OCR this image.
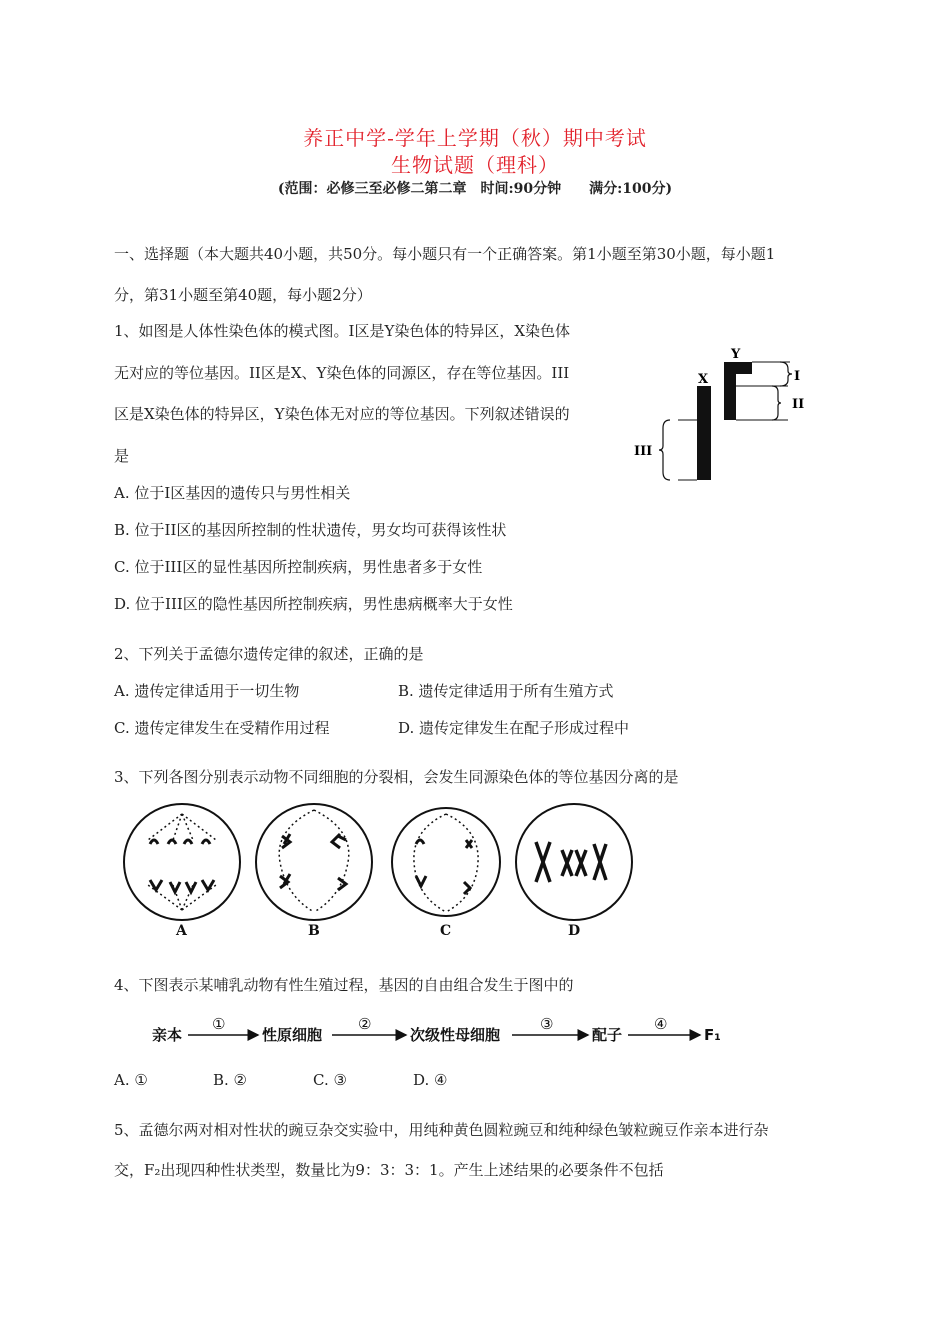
养正中学-学年上学期（秋）期中考试
生物试题（理科）
(范围：必修三至必修二第二章　时间:90分钟　　满分:100分)
一、选择题（本大题共40小题，共50分。每小题只有一个正确答案。第1小题至第30小题，每小题1
分，第31小题至第40题，每小题2分）
1、如图是人体性染色体的模式图。I区是Y染色体的特异区，X染色体
无对应的等位基因。II区是X、Y染色体的同源区，存在等位基因。III
区是X染色体的特异区，Y染色体无对应的等位基因。下列叙述错误的
是
A. 位于I区基因的遗传只与男性相关
B. 位于II区的基因所控制的性状遗传，男女均可获得该性状
C. 位于III区的显性基因所控制疾病，男性患者多于女性
D. 位于III区的隐性基因所控制疾病，男性患病概率大于女性
X
Y
I
II
III
2、下列关于孟德尔遗传定律的叙述，正确的是
A. 遗传定律适用于一切生物	B. 遗传定律适用于所有生殖方式
C. 遗传定律发生在受精作用过程	D. 遗传定律发生在配子形成过程中
3、下列各图分别表示动物不同细胞的分裂相，会发生同源染色体的等位基因分离的是
A	B	C	D
4、下图表示某哺乳动物有性生殖过程，基因的自由组合发生于图中的
亲本	性原细胞	次级性母细胞	配子	F₁
①	②	③	④
A. ①	B. ②	C. ③	D. ④
5、孟德尔两对相对性状的豌豆杂交实验中，用纯种黄色圆粒豌豆和纯种绿色皱粒豌豆作亲本进行杂
交，F₂出现四种性状类型，数量比为9：3：3：1。产生上述结果的必要条件不包括
